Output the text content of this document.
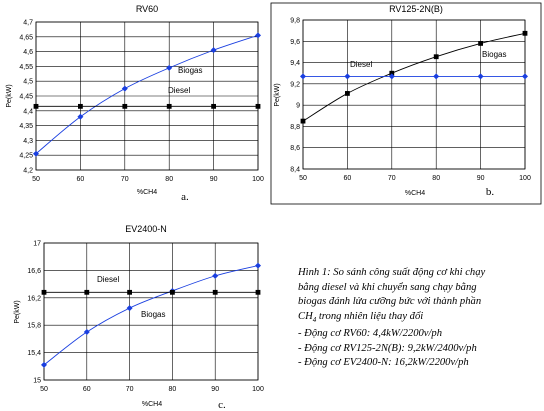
4,2
4,25
4,3
4,35
4,4
4,45
4,5
4,55
4,6
4,65
4,7
50	60	70	80	90	100
Biogas
Diesel
RV60
%CH4
Pe(kW)
a.
8,4
8,6
8,8
9
9,2
9,4
9,6
9,8
50	60	70	80	90	100
Biogas
Diesel
RV125-2N(B)
%CH4
Pe(kW)
b.
15
15,4
15,8
16,2
16,6
17
50	60	70	80	90	100
Biogas
Diesel
EV2400-N
%CH4
Pe(kW)
c.
Hình 1: So sánh công suất động cơ khi chạy
bằng diesel và khi chuyển sang chạy bằng
biogas đánh lửa cưỡng bức với thành phần
$CH_4$ trong nhiên liệu thay đổi
- Động cơ RV60: 4,4kW/2200v/ph
- Động cơ RV125-2N(B): 9,2kW/2400v/ph
- Động cơ EV2400-N: 16,2kW/2200v/ph
